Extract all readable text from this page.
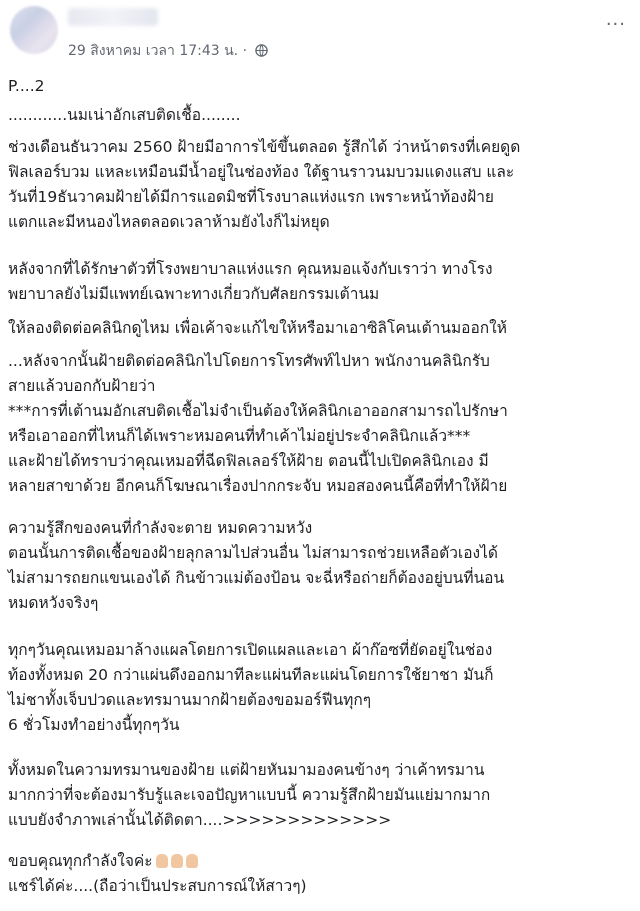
29 สิงหาคม เวลา 17:43 น. ·
···
P....2
............นมเน่าอักเสบติดเชื้อ........
ช่วงเดือนธันวาคม 2560 ฝ้ายมีอาการไข้ขึ้นตลอด รู้สึกได้ ว่าหน้าตรงที่เคยดูด
ฟิลเลอร์บวม แหละเหมือนมีน้ำอยู่ในช่องท้อง ใต้ฐานราวนมบวมแดงแสบ และ
วันที่19ธันวาคมฝ้ายได้มีการแอดมิชที่โรงบาลแห่งแรก เพราะหน้าท้องฝ้าย
แตกและมีหนองไหลตลอดเวลาห้ามยังไงก็ไม่หยุด
หลังจากที่ได้รักษาตัวที่โรงพยาบาลแห่งแรก คุณหมอแจ้งกับเราว่า ทางโรง
พยาบาลยังไม่มีแพทย์เฉพาะทางเกี่ยวกับศัลยกรรมเต้านม
ให้ลองติดต่อคลินิกดูไหม เพื่อเค้าจะแก้ไขให้หรือมาเอาซิลิโคนเต้านมออกให้
...หลังจากนั้นฝ้ายติดต่อคลินิกไปโดยการโทรศัพท์ไปหา พนักงานคลินิกรับ
สายแล้วบอกกับฝ้ายว่า
***การที่เต้านมอักเสบติดเชื้อไม่จำเป็นต้องให้คลินิกเอาออกสามารถไปรักษา
หรือเอาออกที่ไหนก็ได้เพราะหมอคนที่ทำเค้าไม่อยู่ประจำคลินิกแล้ว***
และฝ้ายได้ทราบว่าคุณเหมอที่ฉีดฟิลเลอร์ให้ฝ้าย ตอนนี้ไปเปิดคลินิกเอง มี
หลายสาขาด้วย อีกคนก็โฆษณาเรื่องปากกระจับ หมอสองคนนี้คือที่ทำให้ฝ้าย
ความรู้สึกของคนที่กำลังจะตาย หมดความหวัง
ตอนนั้นการติดเชื้อของฝ้ายลุกลามไปส่วนอื่น ไม่สามารถช่วยเหลือตัวเองได้
ไม่สามารถยกแขนเองได้ กินข้าวแม่ต้องป้อน จะฉี่หรือถ่ายก็ต้องอยู่บนที่นอน
หมดหวังจริงๆ
ทุกๆวันคุณเหมอมาล้างแผลโดยการเปิดแผลและเอา ผ้าก๊อซที่ยัดอยู่ในช่อง
ท้องทั้งหมด 20 กว่าแผ่นดึงออกมาทีละแผ่นทีละแผ่นโดยการใช้ยาชา มันก็
ไม่ชาทั้งเจ็บปวดและทรมานมากฝ้ายต้องขอมอร์ฟีนทุกๆ
6 ชั่วโมงทำอย่างนี้ทุกๆวัน
ทั้งหมดในความทรมานของฝ้าย แต่ฝ้ายหันมามองคนข้างๆ ว่าเค้าทรมาน
มากกว่าที่จะต้องมารับรู้และเจอปัญหาแบบนี้ ความรู้สึกฝ้ายมันแย่มากมาก
แบบยังจำภาพเล่านั้นได้ติดตา....>>>>>>>>>>>>>
ขอบคุณทุกกำลังใจค่ะ
แชร์ได้ค่ะ....(ถือว่าเป็นประสบการณ์ให้สาวๆ)
